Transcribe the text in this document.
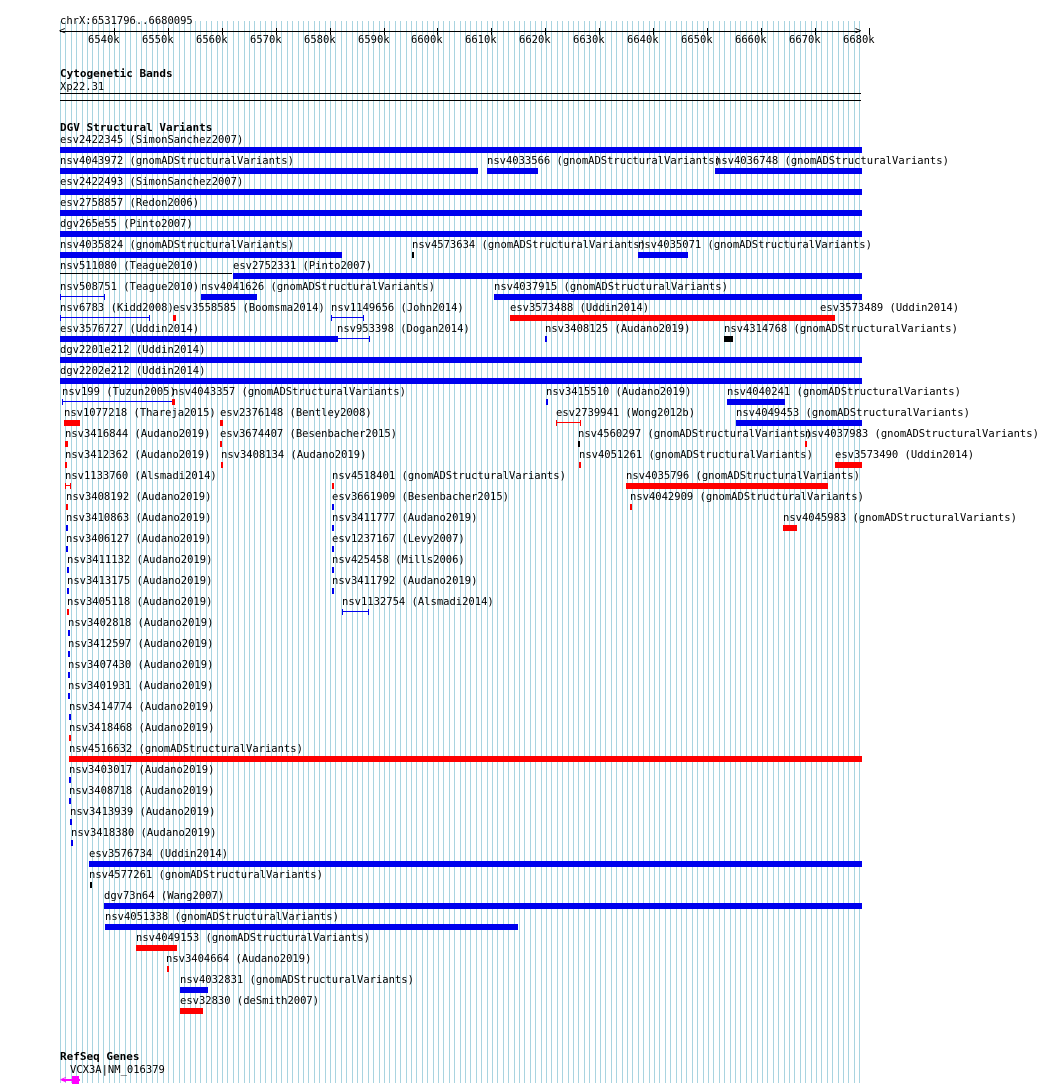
chrX:6531796..6680095
<	>
6540k 6550k 6560k 6570k 6580k 6590k 6600k 6610k 6620k 6630k 6640k 6650k 6660k 6670k 6680k
Cytogenetic Bands
Xp22.31
DGV Structural Variants
esv2422345 (SimonSanchez2007)
nsv4043972 (gnomADStructuralVariants)	nsv4033566 (gnomADStructuralVariants)
nsv4036748 (gnomADStructuralVariants)
esv2422493 (SimonSanchez2007)
esv2758857 (Redon2006)
dgv265e55 (Pinto2007)
nsv4035824 (gnomADStructuralVariants)	nsv4573634 (gnomADStructuralVariants)
nsv4035071 (gnomADStructuralVariants)
nsv511080 (Teague2010)	esv2752331 (Pinto2007)
nsv508751 (Teague2010) nsv4041626 (gnomADStructuralVariants)	nsv4037915 (gnomADStructuralVariants)
nsv6783 (Kidd2008) esv3558585 (Boomsma2014) nsv1149656 (John2014)	esv3573488 (Uddin2014)	esv3573489 (Uddin2014)
esv3576727 (Uddin2014)	nsv953398 (Dogan2014)	nsv3408125 (Audano2019)	nsv4314768 (gnomADStructuralVariants)
dgv2201e212 (Uddin2014)
dgv2202e212 (Uddin2014)
nsv199 (Tuzun2005)
nsv4043357 (gnomADStructuralVariants)	nsv3415510 (Audano2019)	nsv4040241 (gnomADStructuralVariants)
nsv1077218 (Thareja2015) esv2376148 (Bentley2008)	esv2739941 (Wong2012b)	nsv4049453 (gnomADStructuralVariants)
nsv3416844 (Audano2019) esv3674407 (Besenbacher2015)	nsv4560297 (gnomADStructuralVariants)
nsv4037983 (gnomADStructuralVariants)
nsv3412362 (Audano2019) nsv3408134 (Audano2019)	nsv4051261 (gnomADStructuralVariants) esv3573490 (Uddin2014)
nsv1133760 (Alsmadi2014)	nsv4518401 (gnomADStructuralVariants)	nsv4035796 (gnomADStructuralVariants)
nsv3408192 (Audano2019)	esv3661909 (Besenbacher2015)	nsv4042909 (gnomADStructuralVariants)
nsv3410863 (Audano2019)	nsv3411777 (Audano2019)	nsv4045983 (gnomADStructuralVariants)
nsv3406127 (Audano2019)	esv1237167 (Levy2007)
nsv3411132 (Audano2019)	nsv425458 (Mills2006)
nsv3413175 (Audano2019)	nsv3411792 (Audano2019)
nsv3405118 (Audano2019)	nsv1132754 (Alsmadi2014)
nsv3402818 (Audano2019)
nsv3412597 (Audano2019)
nsv3407430 (Audano2019)
nsv3401931 (Audano2019)
nsv3414774 (Audano2019)
nsv3418468 (Audano2019)
nsv4516632 (gnomADStructuralVariants)
nsv3403017 (Audano2019)
nsv3408718 (Audano2019)
nsv3413939 (Audano2019)
nsv3418380 (Audano2019)
esv3576734 (Uddin2014)
nsv4577261 (gnomADStructuralVariants)
dgv73n64 (Wang2007)
nsv4051338 (gnomADStructuralVariants)
nsv4049153 (gnomADStructuralVariants)
nsv3404664 (Audano2019)
nsv4032831 (gnomADStructuralVariants)
esv32830 (deSmith2007)
RefSeq Genes
VCX3A|NM_016379
<
